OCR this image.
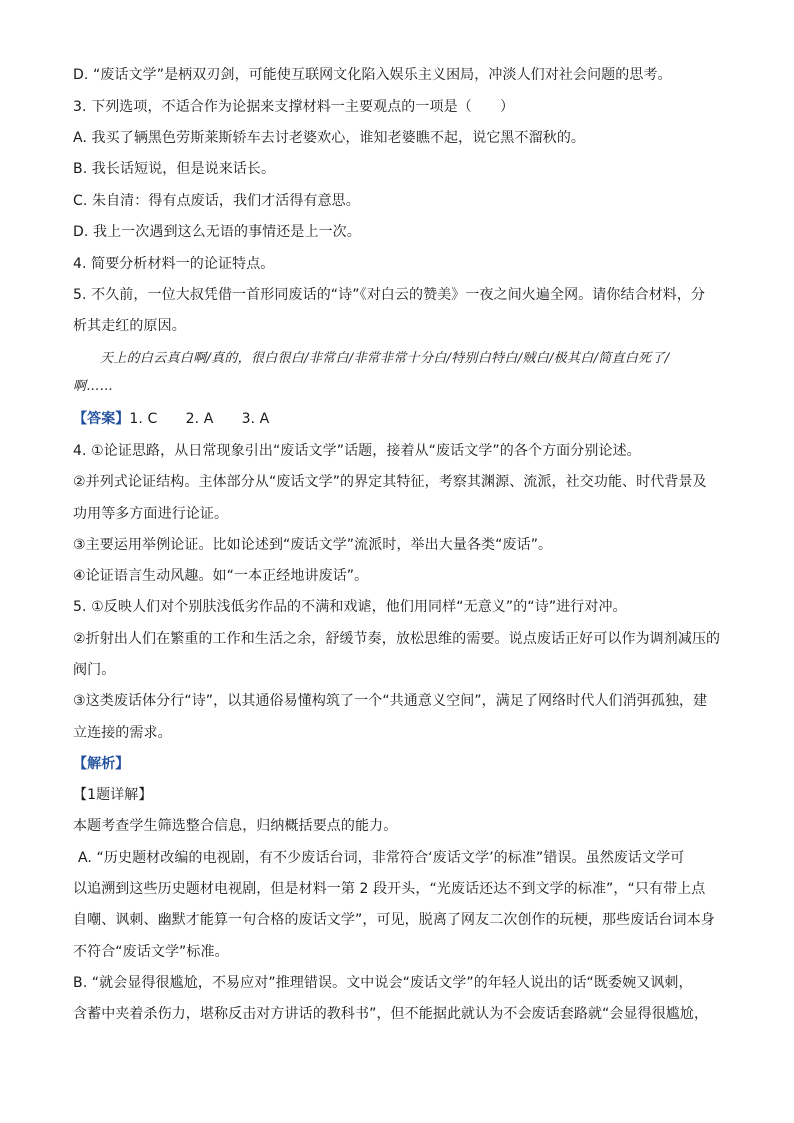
D. “废话文学”是柄双刃剑，可能使互联网文化陷入娱乐主义困局，冲淡人们对社会问题的思考。
3. 下列选项，不适合作为论据来支撑材料一主要观点的一项是（　　）
A. 我买了辆黑色劳斯莱斯轿车去讨老婆欢心，谁知老婆瞧不起，说它黑不溜秋的。
B. 我长话短说，但是说来话长。
C. 朱自清：得有点废话，我们才活得有意思。
D. 我上一次遇到这么无语的事情还是上一次。
4. 简要分析材料一的论证特点。
5. 不久前，一位大叔凭借一首形同废话的“诗”《对白云的赞美》一夜之间火遍全网。请你结合材料，分
析其走红的原因。
天上的白云真白啊/真的，很白很白/非常白/非常非常十分白/特别白特白/贼白/极其白/简直白死了/
啊……
【答案】1. C　　2. A　　3. A
4. ①论证思路，从日常现象引出“废话文学”话题，接着从“废话文学”的各个方面分别论述。
②并列式论证结构。主体部分从“废话文学”的界定其特征，考察其渊源、流派，社交功能、时代背景及
功用等多方面进行论证。
③主要运用举例论证。比如论述到“废话文学”流派时，举出大量各类“废话”。
④论证语言生动风趣。如“一本正经地讲废话”。
5. ①反映人们对个别肤浅低劣作品的不满和戏谑，他们用同样“无意义”的“诗”进行对冲。
②折射出人们在繁重的工作和生活之余，舒缓节奏，放松思维的需要。说点废话正好可以作为调剂减压的
阀门。
③这类废话体分行“诗”，以其通俗易懂构筑了一个“共通意义空间”，满足了网络时代人们消弭孤独，建
立连接的需求。
【解析】
【1题详解】
本题考查学生筛选整合信息，归纳概括要点的能力。
A. “历史题材改编的电视剧，有不少废话台词，非常符合‘废话文学’的标准”错误。虽然废话文学可
以追溯到这些历史题材电视剧，但是材料一第 2 段开头，“光废话还达不到文学的标准”，“只有带上点
自嘲、讽刺、幽默才能算一句合格的废话文学”，可见，脱离了网友二次创作的玩梗，那些废话台词本身
不符合“废话文学”标准。
B. “就会显得很尴尬，不易应对”推理错误。文中说会“废话文学”的年轻人说出的话“既委婉又讽刺，
含蓄中夹着杀伤力，堪称反击对方讲话的教科书”，但不能据此就认为不会废话套路就“会显得很尴尬，
